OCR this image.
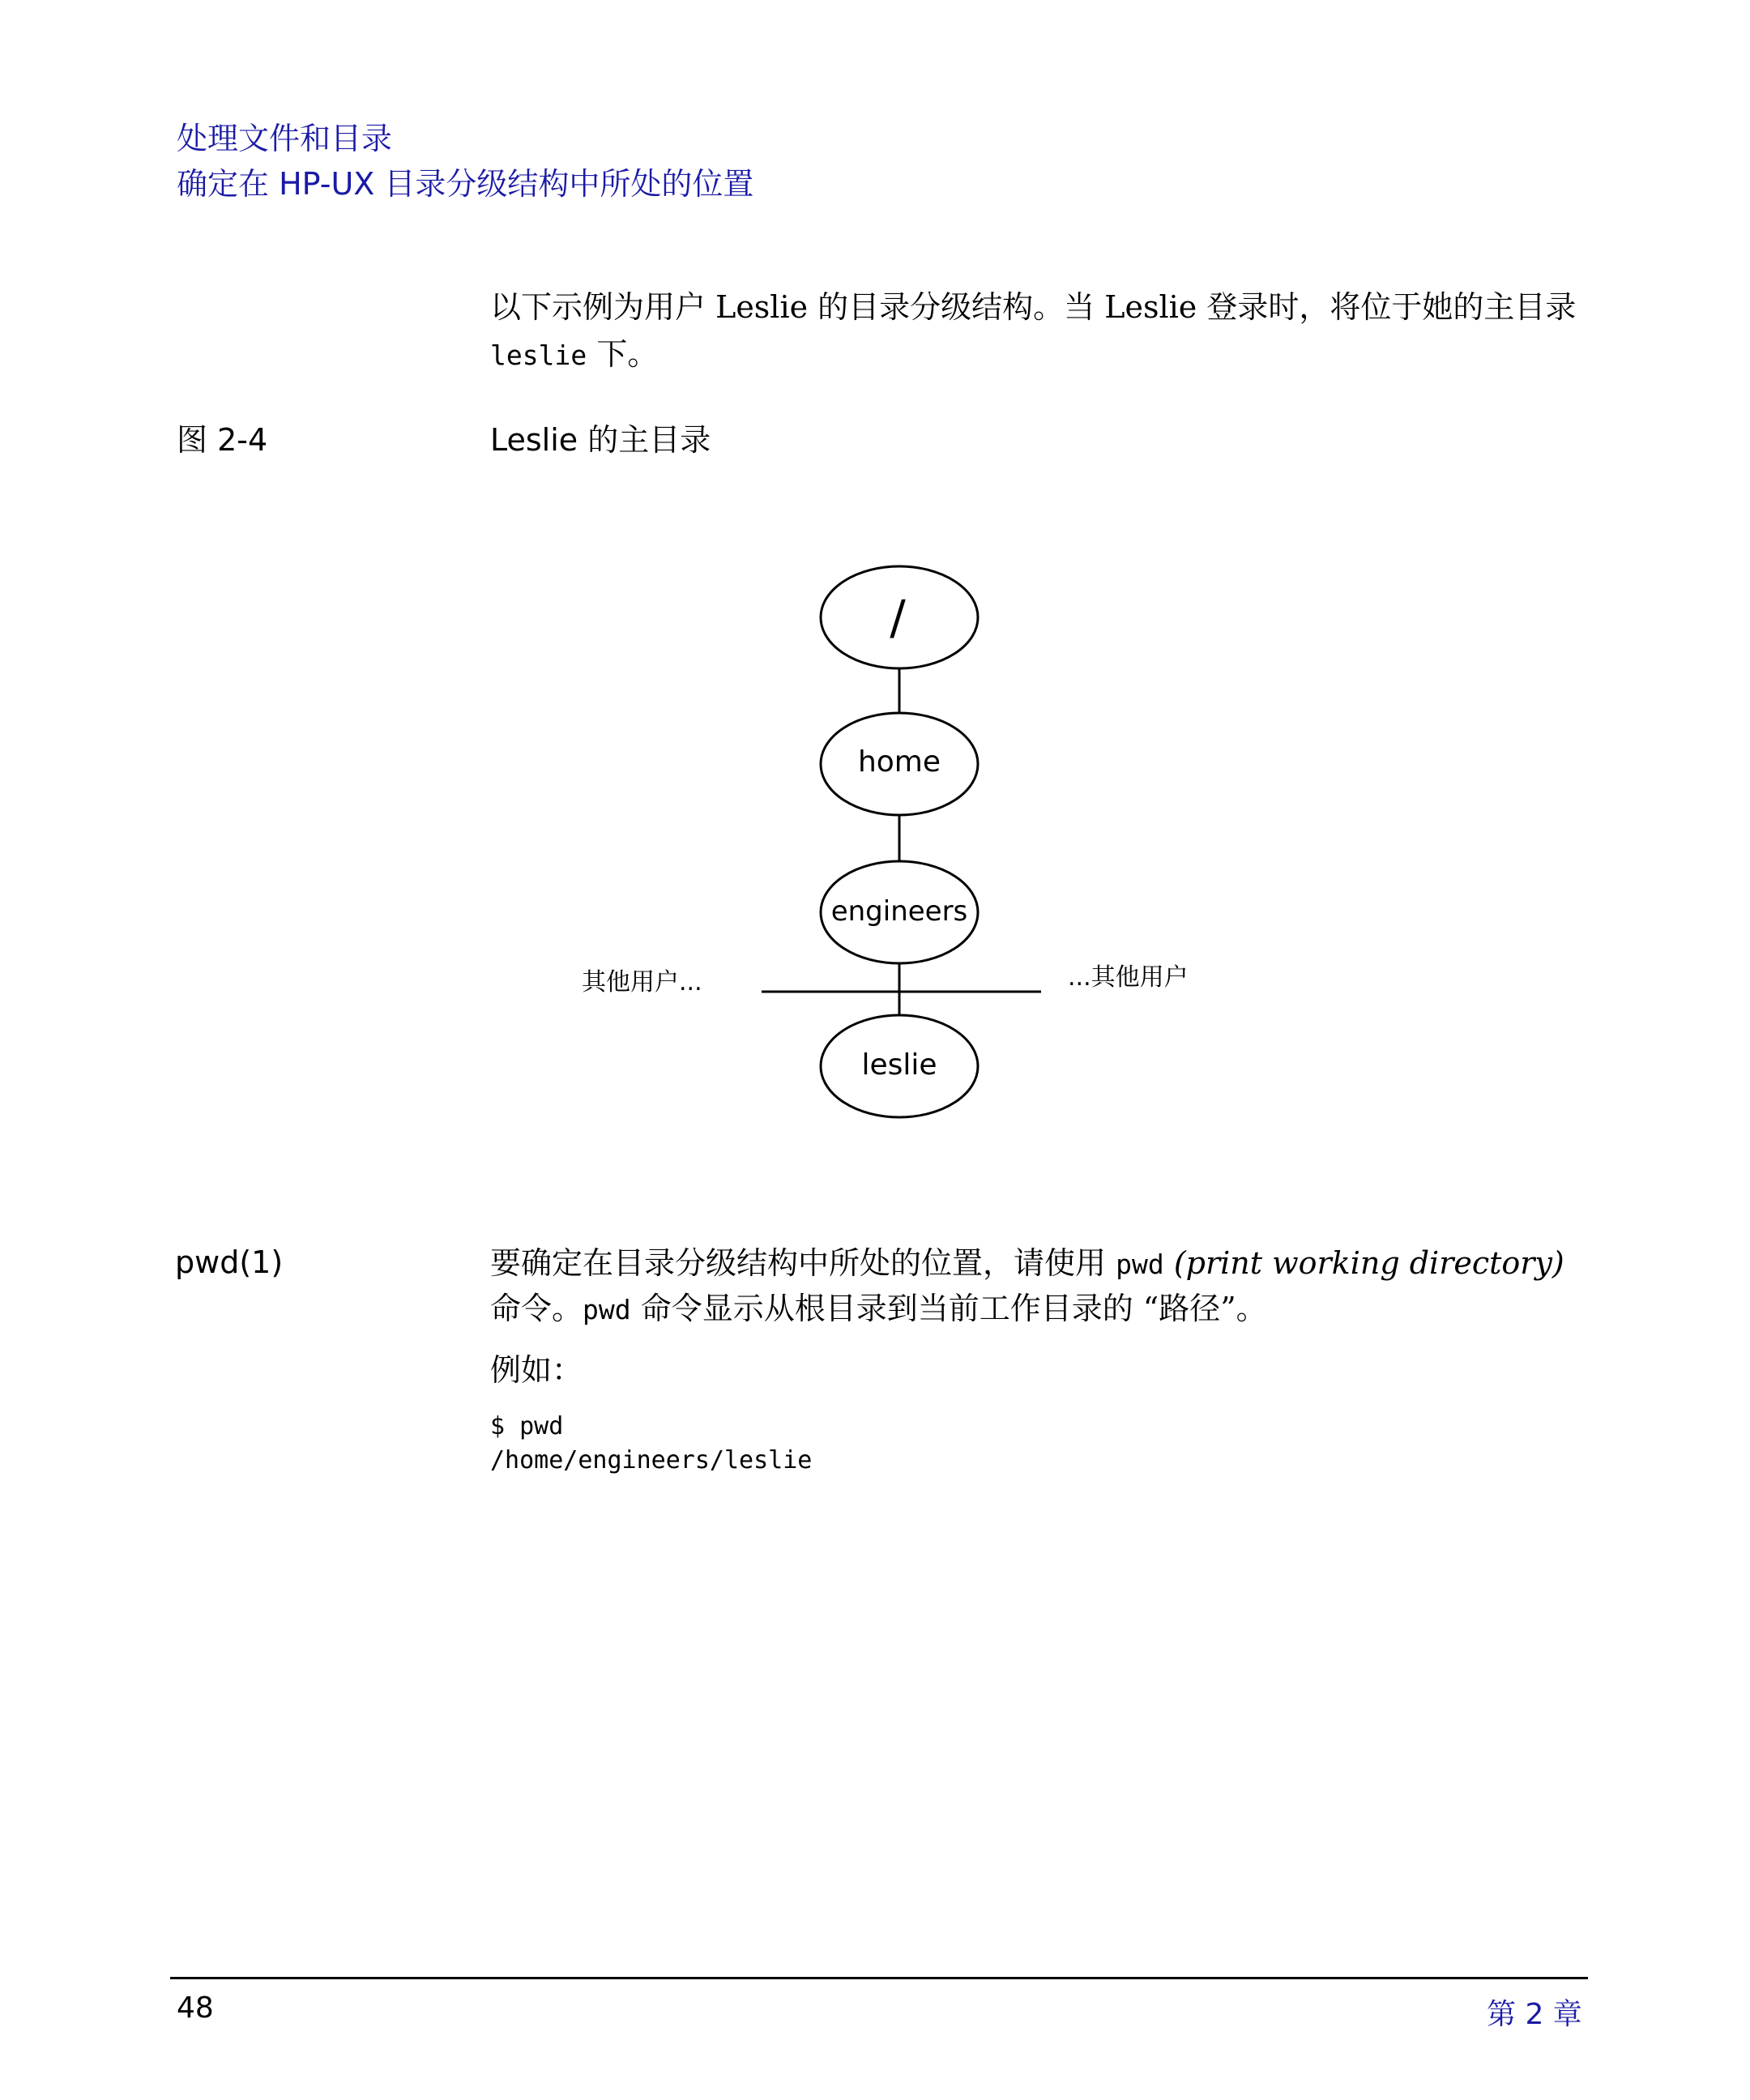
处理文件和目录
确定在 HP-UX 目录分级结构中所处的位置
以下示例为用户 Leslie 的目录分级结构。当 Leslie 登录时，将位于她的主目录
leslie 下。
图 2-4	Leslie 的主目录
/
home
engineers
leslie
其他用户...	...其他用户
pwd(1)	要确定在目录分级结构中所处的位置，请使用 pwd (print working directory)
命令。pwd 命令显示从根目录到当前工作目录的 “路径”。
例如：
$ pwd
/home/engineers/leslie
48	第 2 章
